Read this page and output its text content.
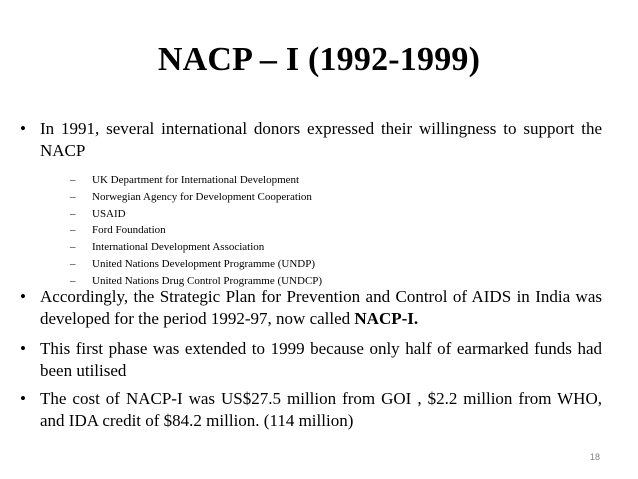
NACP – I (1992-1999)
• In 1991, several international donors expressed their willingness to support the NACP
– UK Department for International Development
– Norwegian Agency for Development Cooperation
– USAID
– Ford Foundation
– International Development Association
– United Nations Development Programme (UNDP)
– United Nations Drug Control Programme (UNDCP)
• Accordingly, the Strategic Plan for Prevention and Control of AIDS in India was developed for the period 1992-97, now called NACP-I.
• This first phase was extended to 1999 because only half of earmarked funds had been utilised
• The cost of NACP-I was US$27.5 million from GOI , $2.2 million from WHO, and IDA credit of $84.2 million. (114 million)
18
